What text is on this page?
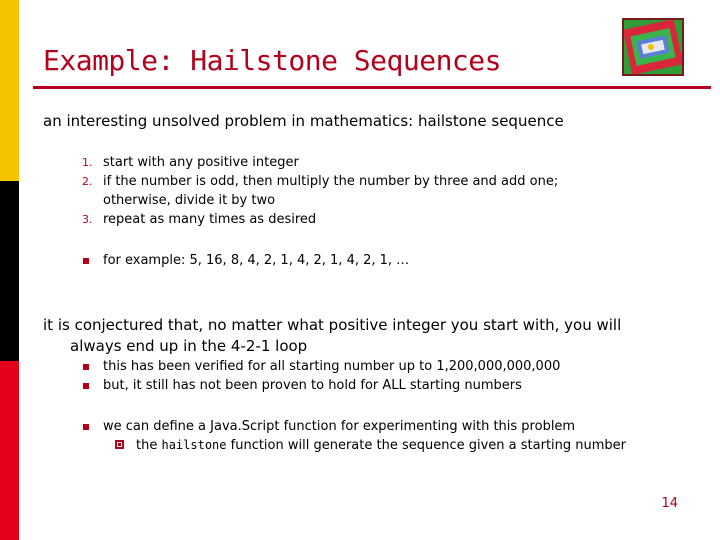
Example: Hailstone Sequences
an interesting unsolved problem in mathematics: hailstone sequence
1. start with any positive integer
2. if the number is odd, then multiply the number by three and add one;
otherwise, divide it by two
3. repeat as many times as desired
for example: 5, 16, 8, 4, 2, 1, 4, 2, 1, 4, 2, 1, …
it is conjectured that, no matter what positive integer you start with, you will
always end up in the 4-2-1 loop
this has been verified for all starting number up to 1,200,000,000,000
but, it still has not been proven to hold for ALL starting numbers
we can define a Java.Script function for experimenting with this problem
the hailstone function will generate the sequence given a starting number
14
